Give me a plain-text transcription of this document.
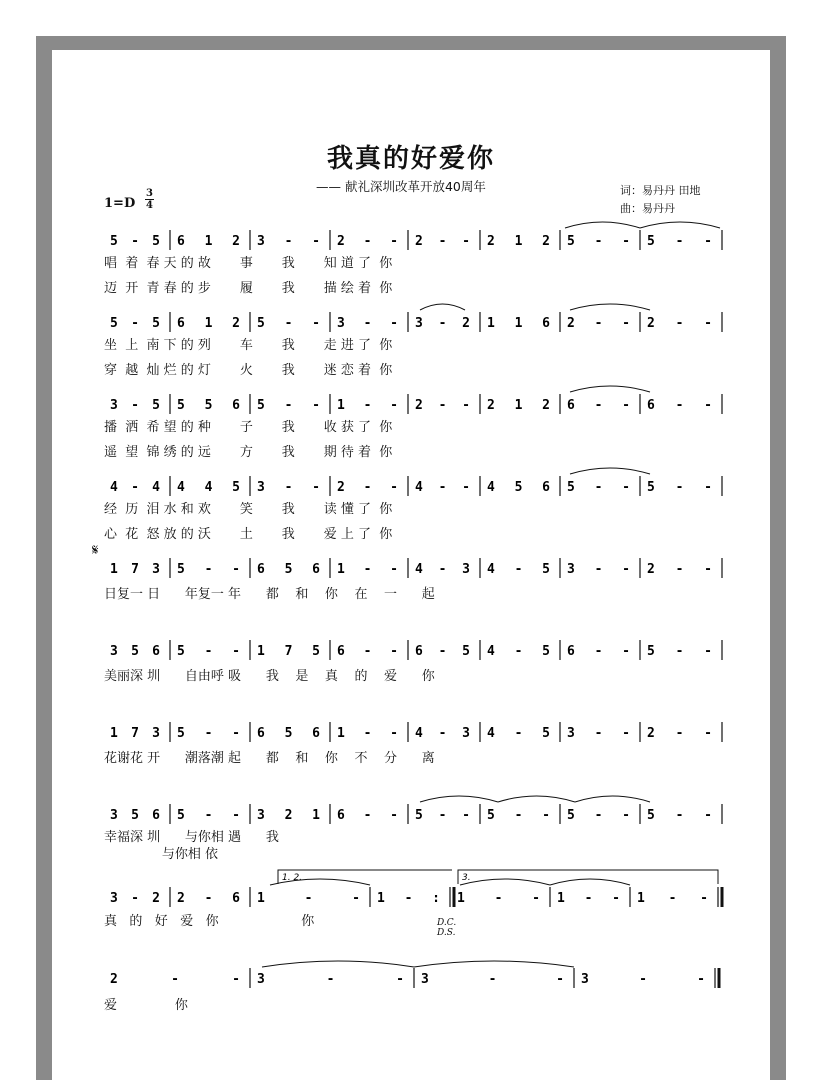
我真的好爱你
—— 献礼深圳改革开放40周年	词：易丹丹 田地
曲：易丹丹
1=D
3
4
𝄋
5 - 5 6 1 2 3 - - 2 - - 2 - - 2 1 2 5 - - 5 - -
5 - 5 6 1 2 5 - - 3 - - 3 - 2 1 1 6 2 - - 2 - -
3 - 5 5 5 6 5 - - 1 - - 2 - - 2 1 2 6 - - 6 - -
4 - 4 4 4 5 3 - - 2 - - 4 - - 4 5 6 5 - - 5 - -
1 7 3 5 - - 6 5 6 1 - - 4 - 3 4 - 5 3 - - 2 - -
3 5 6 5 - - 1 7 5 6 - - 6 - 5 4 - 5 6 - - 5 - -
1 7 3 5 - - 6 5 6 1 - - 4 - 3 4 - 5 3 - - 2 - -
3 5 6 5 - - 3 2 1 6 - - 5 - - 5 - - 5 - - 5 - -
3 - 2 2 - 6 1 - - 1 - : 1 - - 1 - - 1 - -
2 - - 3 - - 3 - - 3 - -
1. 2.	3.
唱  着  春 天 的 故       事       我       知 道 了  你
迈  开  青 春 的 步       履       我       描 绘 着  你
坐  上  南 下 的 列       车       我       走 进 了  你
穿  越  灿 烂 的 灯       火       我       迷 恋 着  你
播  洒  希 望 的 种       子       我       收 获 了  你
遥  望  锦 绣 的 远       方       我       期 待 着  你
经  历  泪 水 和 欢       笑       我       读 懂 了  你
心  花  怒 放 的 沃       土       我       爱 上 了  你
日复一 日      年复一 年      都    和    你    在    一      起
美丽深 圳      自由呼 吸      我    是    真    的    爱      你
花谢花 开      潮落潮 起      都    和    你    不    分      离
幸福深 圳      与你相 遇      我
与你相 依
真   的   好   爱   你                    你
爱              你
D.C.
D.S.
